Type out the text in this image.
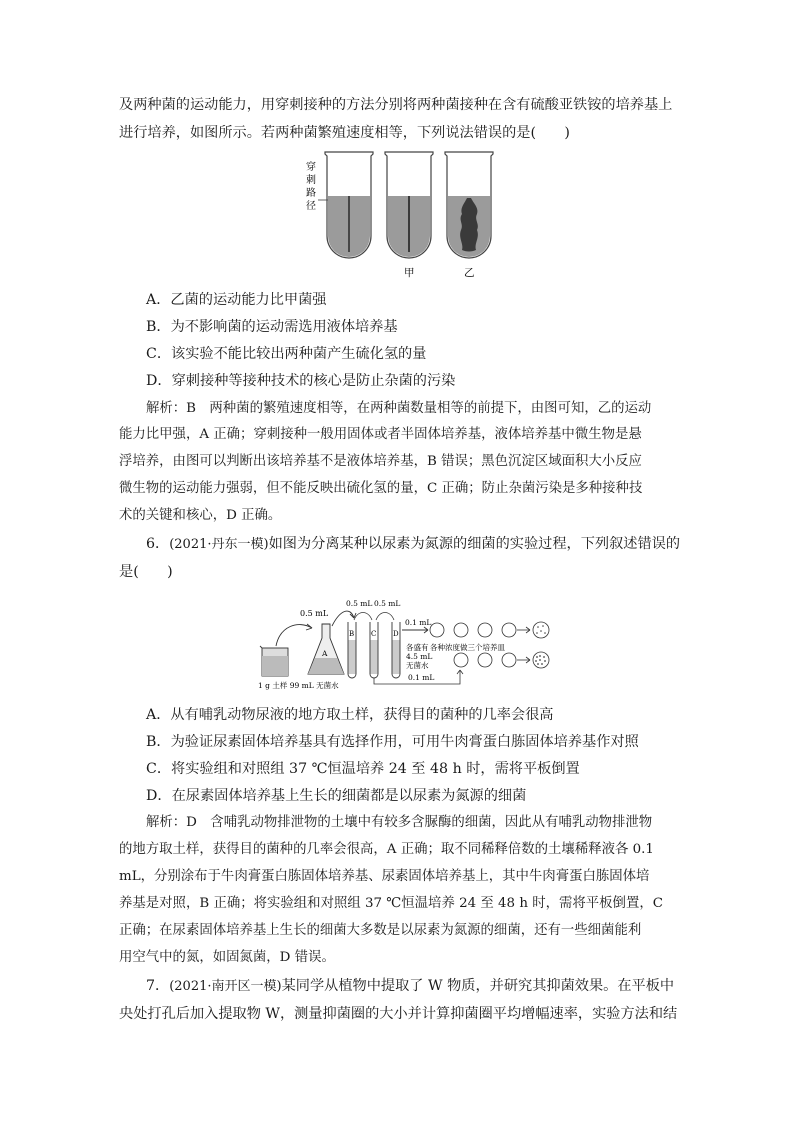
及两种菌的运动能力，用穿刺接种的方法分别将两种菌接种在含有硫酸亚铁铵的培养基上
进行培养，如图所示。若两种菌繁殖速度相等，下列说法错误的是(　　)
穿
刺
路
径
甲	乙
A．乙菌的运动能力比甲菌强
B．为不影响菌的运动需选用液体培养基
C．该实验不能比较出两种菌产生硫化氢的量
D．穿刺接种等接种技术的核心是防止杂菌的污染
解析：B　两种菌的繁殖速度相等，在两种菌数量相等的前提下，由图可知，乙的运动
能力比甲强，A 正确；穿刺接种一般用固体或者半固体培养基，液体培养基中微生物是悬
浮培养，由图可以判断出该培养基不是液体培养基，B 错误；黑色沉淀区域面积大小反应
微生物的运动能力强弱，但不能反映出硫化氢的量，C 正确；防止杂菌污染是多种接种技
术的关键和核心，D 正确。
6．(2021·丹东一模)如图为分离某种以尿素为氮源的细菌的实验过程，下列叙述错误的
是(　　)
0.5 mL
A
B C D
0.5 mL 0.5 mL
0.1 mL
各盛有
4.5 mL
无菌水
各种浓度做三个培养皿
0.1 mL
1 g 土样 99 mL 无菌水
A．从有哺乳动物尿液的地方取土样，获得目的菌种的几率会很高
B．为验证尿素固体培养基具有选择作用，可用牛肉膏蛋白胨固体培养基作对照
C．将实验组和对照组 37 ℃恒温培养 24 至 48 h 时，需将平板倒置
D．在尿素固体培养基上生长的细菌都是以尿素为氮源的细菌
解析：D　含哺乳动物排泄物的土壤中有较多含脲酶的细菌，因此从有哺乳动物排泄物
的地方取土样，获得目的菌种的几率会很高，A 正确；取不同稀释倍数的土壤稀释液各 0.1
mL，分别涂布于牛肉膏蛋白胨固体培养基、尿素固体培养基上，其中牛肉膏蛋白胨固体培
养基是对照，B 正确；将实验组和对照组 37 ℃恒温培养 24 至 48 h 时，需将平板倒置，C
正确；在尿素固体培养基上生长的细菌大多数是以尿素为氮源的细菌，还有一些细菌能利
用空气中的氮，如固氮菌，D 错误。
7．(2021·南开区一模)某同学从植物中提取了 W 物质，并研究其抑菌效果。在平板中
央处打孔后加入提取物 W，测量抑菌圈的大小并计算抑菌圈平均增幅速率，实验方法和结
